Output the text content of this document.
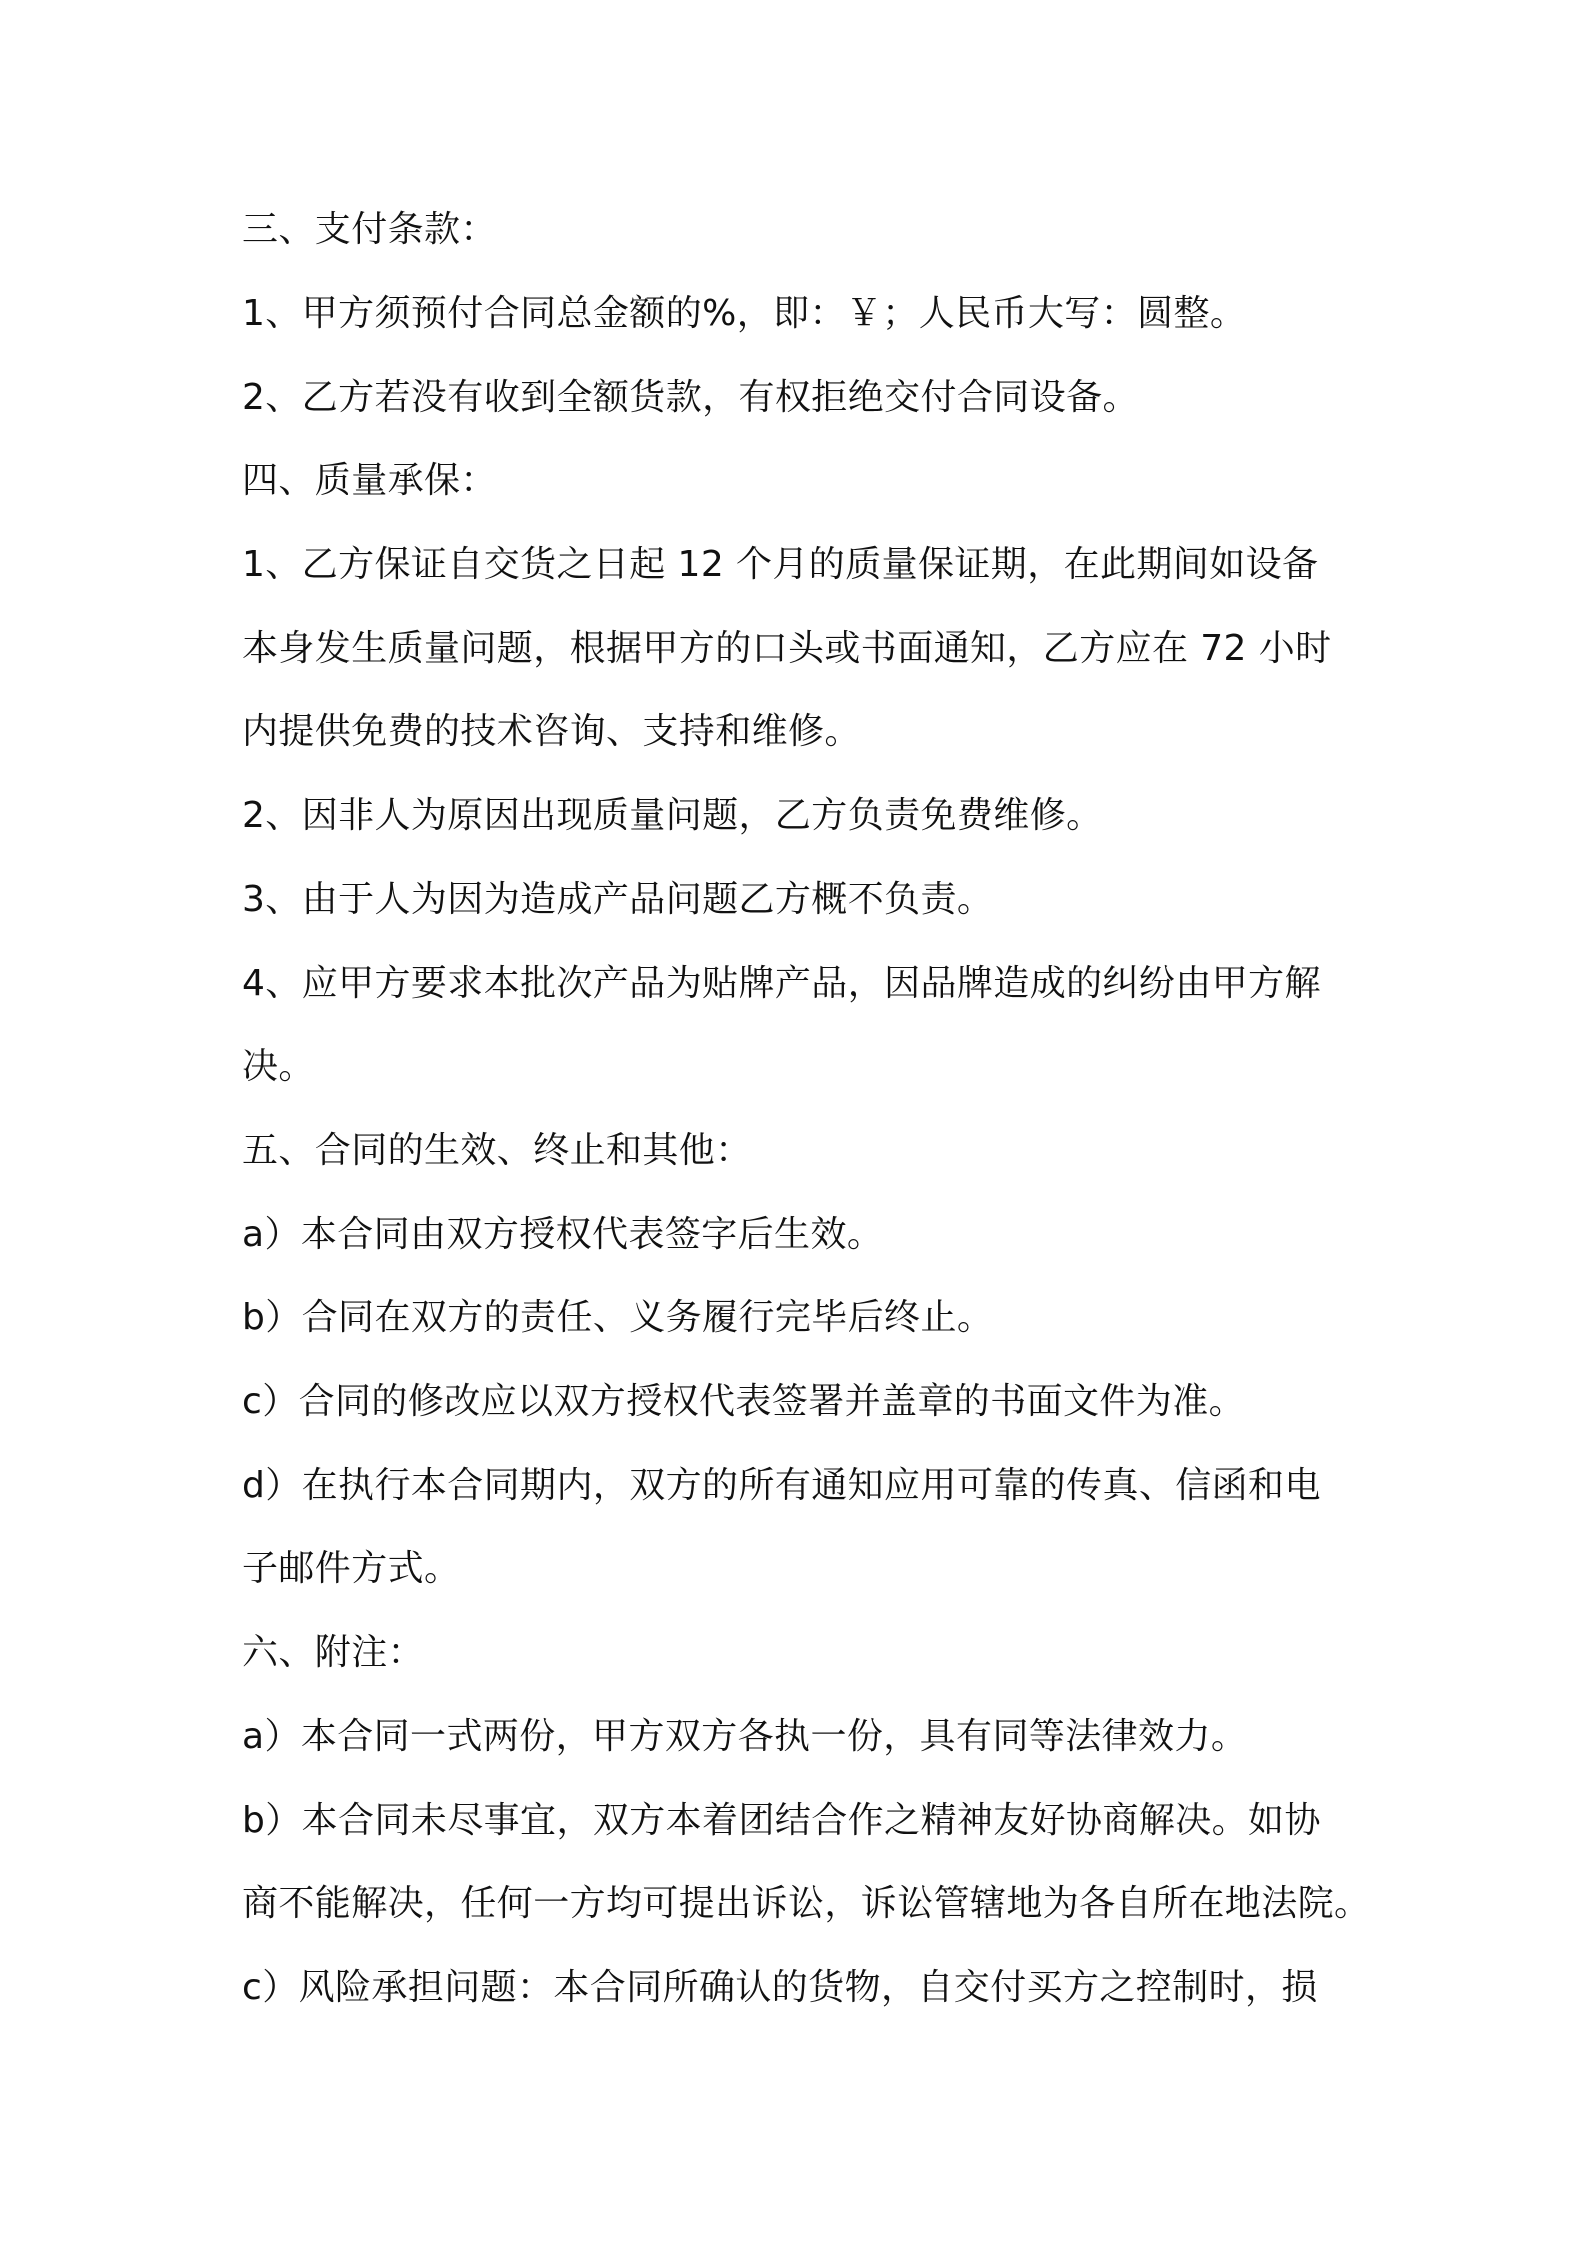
三、支付条款：
1、甲方须预付合同总金额的%，即：￥；人民币大写：圆整。
2、乙方若没有收到全额货款，有权拒绝交付合同设备。
四、质量承保：
1、乙方保证自交货之日起 12 个月的质量保证期，在此期间如设备
本身发生质量问题，根据甲方的口头或书面通知，乙方应在 72 小时
内提供免费的技术咨询、支持和维修。
2、因非人为原因出现质量问题，乙方负责免费维修。
3、由于人为因为造成产品问题乙方概不负责。
4、应甲方要求本批次产品为贴牌产品，因品牌造成的纠纷由甲方解
决。
五、合同的生效、终止和其他：
a）本合同由双方授权代表签字后生效。
b）合同在双方的责任、义务履行完毕后终止。
c）合同的修改应以双方授权代表签署并盖章的书面文件为准。
d）在执行本合同期内，双方的所有通知应用可靠的传真、信函和电
子邮件方式。
六、附注：
a）本合同一式两份，甲方双方各执一份，具有同等法律效力。
b）本合同未尽事宜，双方本着团结合作之精神友好协商解决。如协
商不能解决，任何一方均可提出诉讼，诉讼管辖地为各自所在地法院。
c）风险承担问题：本合同所确认的货物，自交付买方之控制时，损
